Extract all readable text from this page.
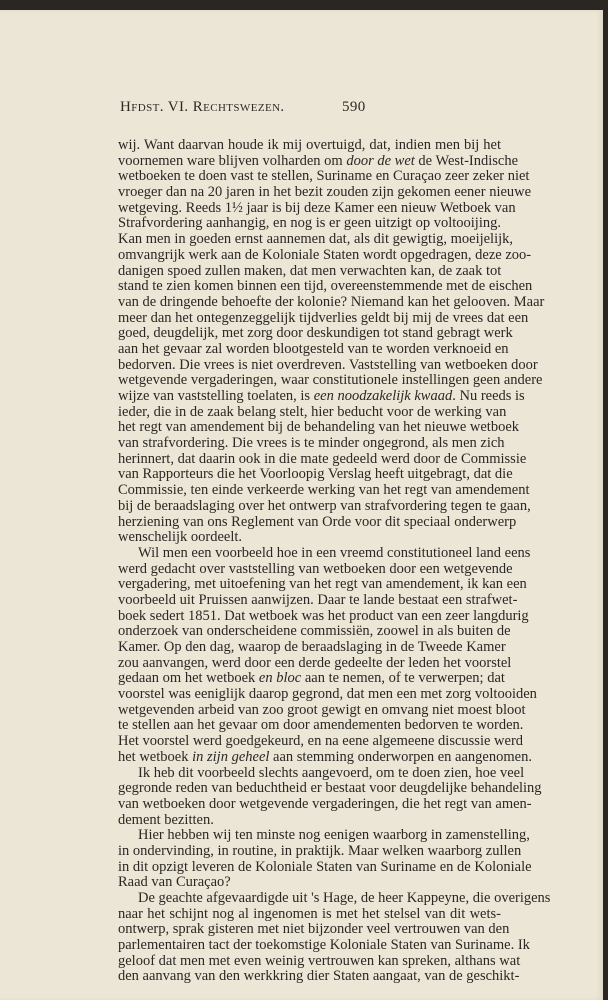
Hfdst. VI. Rechtswezen.	590
wij. Want daarvan houde ik mij overtuigd, dat, indien men bij het
voornemen ware blijven volharden om door de wet de West-Indische
wetboeken te doen vast te stellen, Suriname en Curaçao zeer zeker niet
vroeger dan na 20 jaren in het bezit zouden zijn gekomen eener nieuwe
wetgeving. Reeds 1½ jaar is bij deze Kamer een nieuw Wetboek van
Strafvordering aanhangig, en nog is er geen uitzigt op voltooijing.
Kan men in goeden ernst aannemen dat, als dit gewigtig, moeijelijk,
omvangrijk werk aan de Koloniale Staten wordt opgedragen, deze zoo-
danigen spoed zullen maken, dat men verwachten kan, de zaak tot
stand te zien komen binnen een tijd, overeenstemmende met de eischen
van de dringende behoefte der kolonie? Niemand kan het gelooven. Maar
meer dan het ontegenzeggelijk tijdverlies geldt bij mij de vrees dat een
goed, deugdelijk, met zorg door deskundigen tot stand gebragt werk
aan het gevaar zal worden blootgesteld van te worden verknoeid en
bedorven. Die vrees is niet overdreven. Vaststelling van wetboeken door
wetgevende vergaderingen, waar constitutionele instellingen geen andere
wijze van vaststelling toelaten, is een noodzakelijk kwaad. Nu reeds is
ieder, die in de zaak belang stelt, hier beducht voor de werking van
het regt van amendement bij de behandeling van het nieuwe wetboek
van strafvordering. Die vrees is te minder ongegrond, als men zich
herinnert, dat daarin ook in die mate gedeeld werd door de Commissie
van Rapporteurs die het Voorloopig Verslag heeft uitgebragt, dat die
Commissie, ten einde verkeerde werking van het regt van amendement
bij de beraadslaging over het ontwerp van strafvordering tegen te gaan,
herziening van ons Reglement van Orde voor dit speciaal onderwerp
wenschelijk oordeelt.
Wil men een voorbeeld hoe in een vreemd constitutioneel land eens
werd gedacht over vaststelling van wetboeken door een wetgevende
vergadering, met uitoefening van het regt van amendement, ik kan een
voorbeeld uit Pruissen aanwijzen. Daar te lande bestaat een strafwet-
boek sedert 1851. Dat wetboek was het product van een zeer langdurig
onderzoek van onderscheidene commissiën, zoowel in als buiten de
Kamer. Op den dag, waarop de beraadslaging in de Tweede Kamer
zou aanvangen, werd door een derde gedeelte der leden het voorstel
gedaan om het wetboek en bloc aan te nemen, of te verwerpen; dat
voorstel was eeniglijk daarop gegrond, dat men een met zorg voltooiden
wetgevenden arbeid van zoo groot gewigt en omvang niet moest bloot
te stellen aan het gevaar om door amendementen bedorven te worden.
Het voorstel werd goedgekeurd, en na eene algemeene discussie werd
het wetboek in zijn geheel aan stemming onderworpen en aangenomen.
Ik heb dit voorbeeld slechts aangevoerd, om te doen zien, hoe veel
gegronde reden van beduchtheid er bestaat voor deugdelijke behandeling
van wetboeken door wetgevende vergaderingen, die het regt van amen-
dement bezitten.
Hier hebben wij ten minste nog eenigen waarborg in zamenstelling,
in ondervinding, in routine, in praktijk. Maar welken waarborg zullen
in dit opzigt leveren de Koloniale Staten van Suriname en de Koloniale
Raad van Curaçao?
De geachte afgevaardigde uit 's Hage, de heer Kappeyne, die overigens
naar het schijnt nog al ingenomen is met het stelsel van dit wets-
ontwerp, sprak gisteren met niet bijzonder veel vertrouwen van den
parlementairen tact der toekomstige Koloniale Staten van Suriname. Ik
geloof dat men met even weinig vertrouwen kan spreken, althans wat
den aanvang van den werkkring dier Staten aangaat, van de geschikt-
